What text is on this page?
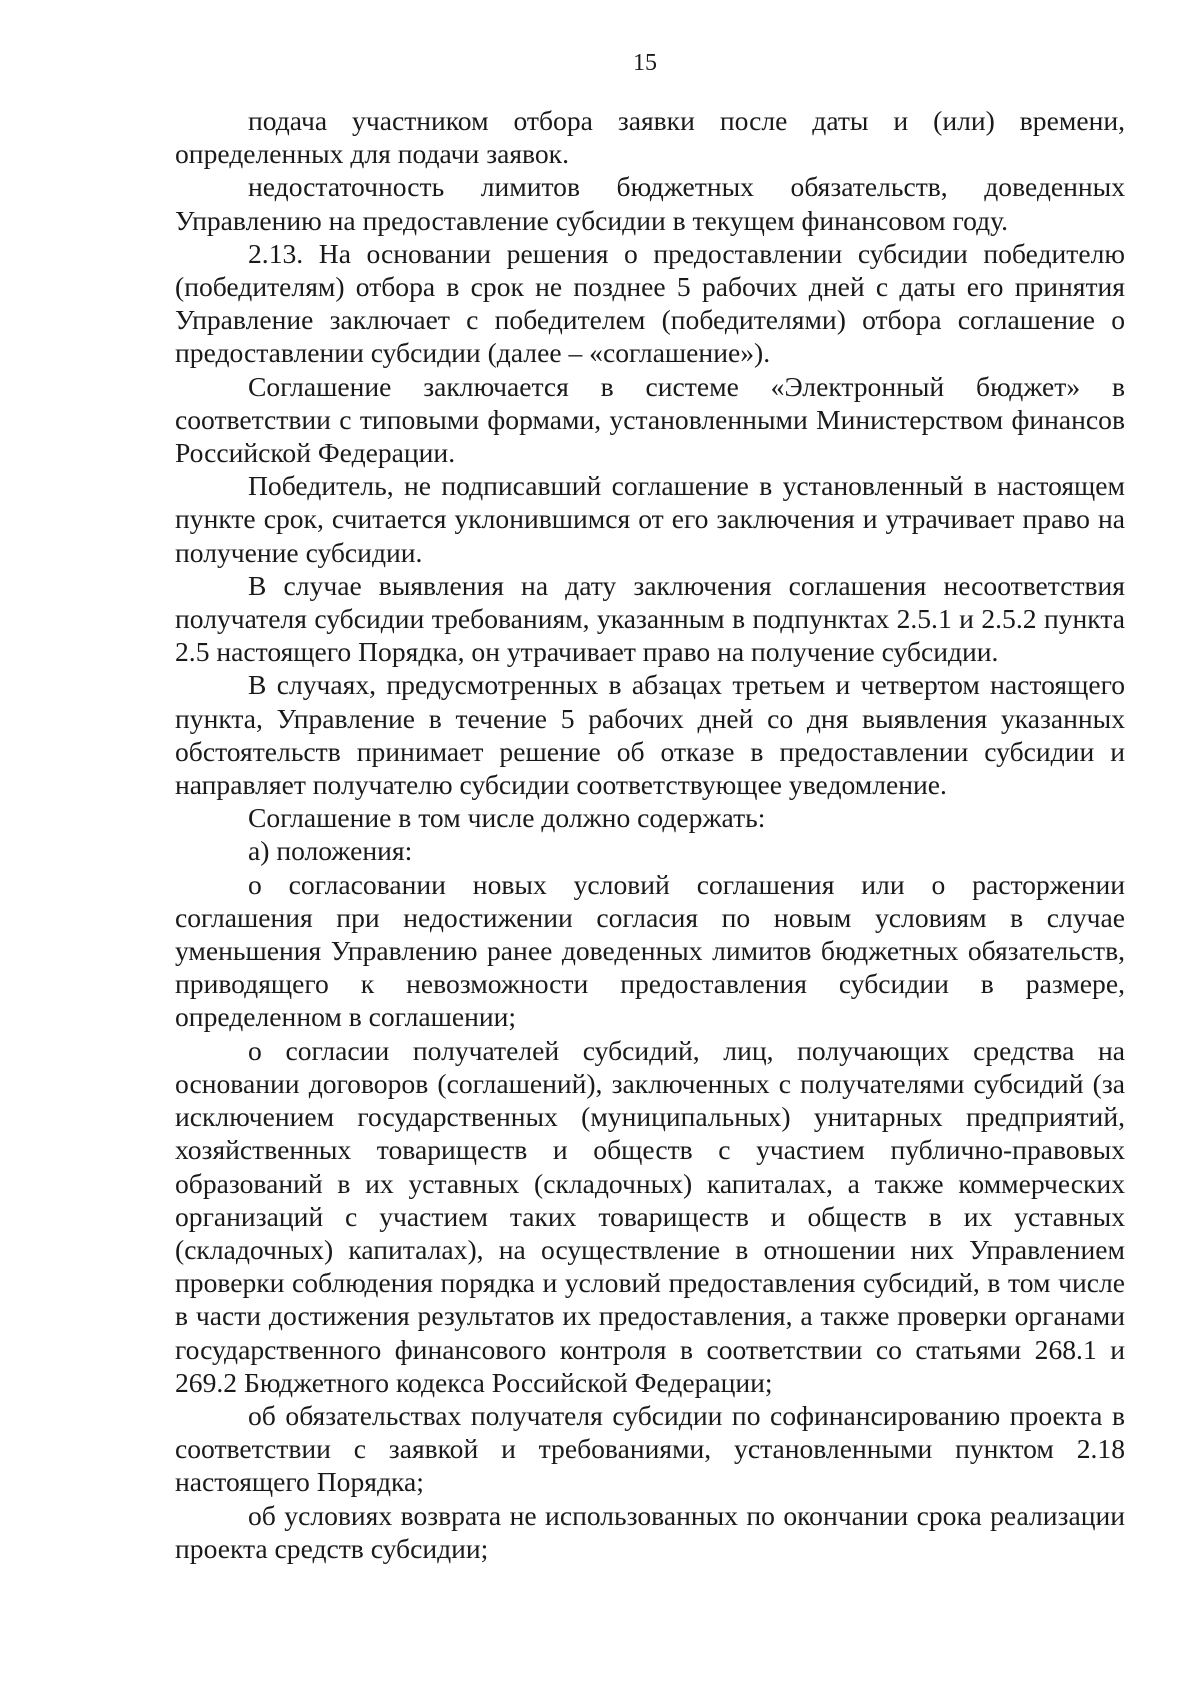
15

подача участником отбора заявки после даты и (или) времени, определенных для подачи заявок.

недостаточность лимитов бюджетных обязательств, доведенных Управлению на предоставление субсидии в текущем финансовом году.

2.13. На основании решения о предоставлении субсидии победителю (победителям) отбора в срок не позднее 5 рабочих дней с даты его принятия Управление заключает с победителем (победителями) отбора соглашение о предоставлении субсидии (далее – «соглашение»).

Соглашение заключается в системе «Электронный бюджет» в соответствии с типовыми формами, установленными Министерством финансов Российской Федерации.

Победитель, не подписавший соглашение в установленный в настоящем пункте срок, считается уклонившимся от его заключения и утрачивает право на получение субсидии.

В случае выявления на дату заключения соглашения несоответствия получателя субсидии требованиям, указанным в подпунктах 2.5.1 и 2.5.2 пункта 2.5 настоящего Порядка, он утрачивает право на получение субсидии.

В случаях, предусмотренных в абзацах третьем и четвертом настоящего пункта, Управление в течение 5 рабочих дней со дня выявления указанных обстоятельств принимает решение об отказе в предоставлении субсидии и направляет получателю субсидии соответствующее уведомление.

Соглашение в том числе должно содержать:

а) положения:

о согласовании новых условий соглашения или о расторжении соглашения при недостижении согласия по новым условиям в случае уменьшения Управлению ранее доведенных лимитов бюджетных обязательств, приводящего к невозможности предоставления субсидии в размере, определенном в соглашении;

о согласии получателей субсидий, лиц, получающих средства на основании договоров (соглашений), заключенных с получателями субсидий (за исключением государственных (муниципальных) унитарных предприятий, хозяйственных товариществ и обществ с участием публично-правовых образований в их уставных (складочных) капиталах, а также коммерческих организаций с участием таких товариществ и обществ в их уставных (складочных) капиталах), на осуществление в отношении них Управлением проверки соблюдения порядка и условий предоставления субсидий, в том числе в части достижения результатов их предоставления, а также проверки органами государственного финансового контроля в соответствии со статьями 268.1 и 269.2 Бюджетного кодекса Российской Федерации;

об обязательствах получателя субсидии по софинансированию проекта в соответствии с заявкой и требованиями, установленными пунктом 2.18 настоящего Порядка;

об условиях возврата не использованных по окончании срока реализации проекта средств субсидии;
